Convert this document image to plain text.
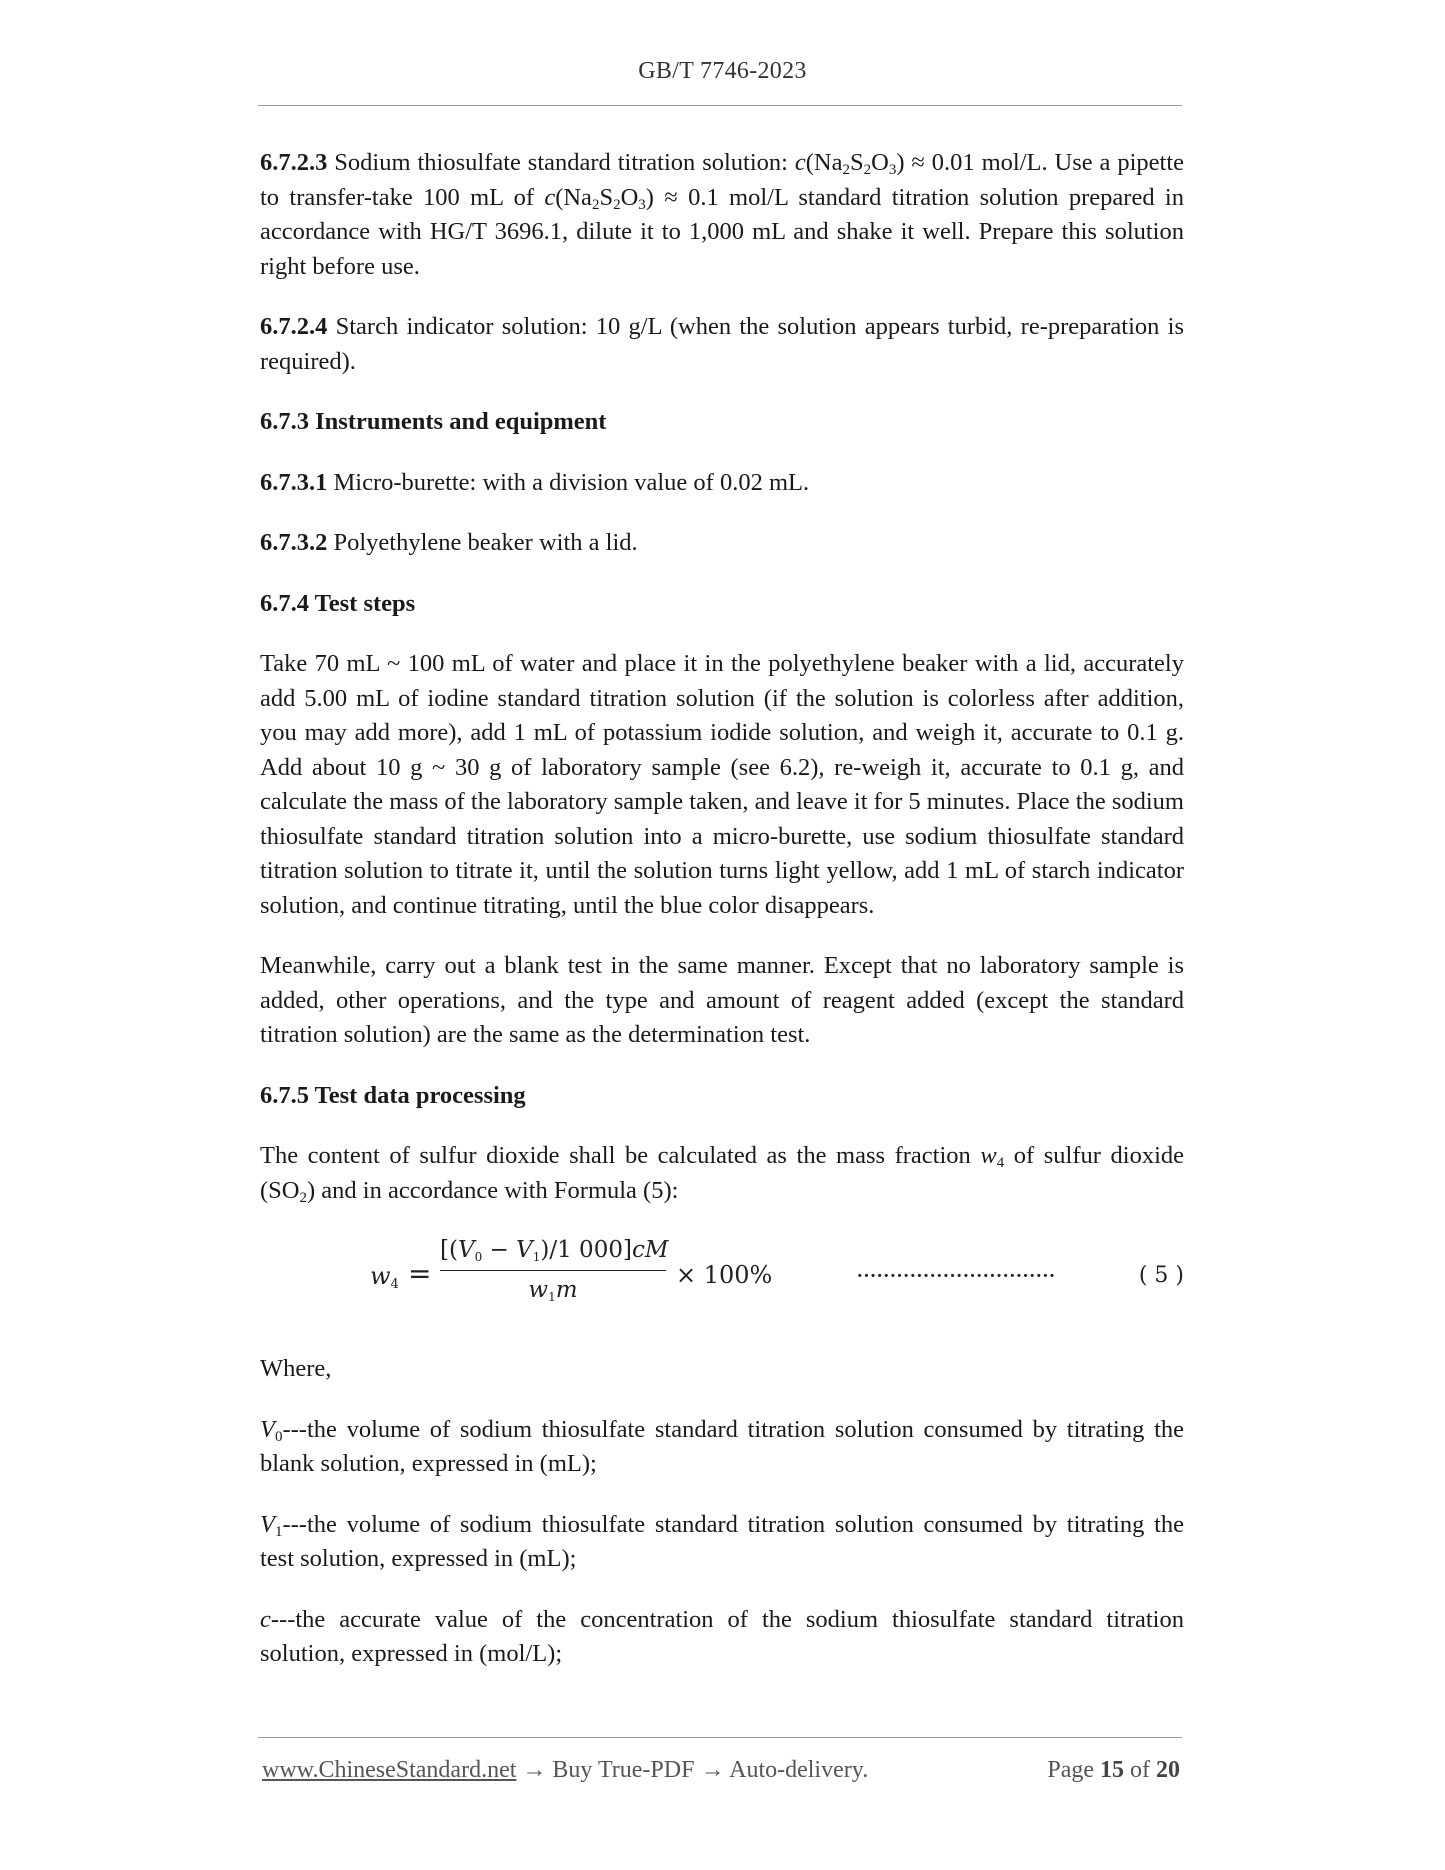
GB/T 7746-2023

6.7.2.3 Sodium thiosulfate standard titration solution: $c(Na_2S_2O_3) \approx 0.01$ mol/L. Use a pipette to transfer-take 100 mL of $c(Na_2S_2O_3) \approx 0.1$ mol/L standard titration solution prepared in accordance with HG/T 3696.1, dilute it to 1,000 mL and shake it well. Prepare this solution right before use.

6.7.2.4 Starch indicator solution: 10 g/L (when the solution appears turbid, re-preparation is required).

6.7.3 Instruments and equipment

6.7.3.1 Micro-burette: with a division value of 0.02 mL.

6.7.3.2 Polyethylene beaker with a lid.

6.7.4 Test steps

Take 70 mL ~ 100 mL of water and place it in the polyethylene beaker with a lid, accurately add 5.00 mL of iodine standard titration solution (if the solution is colorless after addition, you may add more), add 1 mL of potassium iodide solution, and weigh it, accurate to 0.1 g. Add about 10 g ~ 30 g of laboratory sample (see 6.2), re-weigh it, accurate to 0.1 g, and calculate the mass of the laboratory sample taken, and leave it for 5 minutes. Place the sodium thiosulfate standard titration solution into a micro-burette, use sodium thiosulfate standard titration solution to titrate it, until the solution turns light yellow, add 1 mL of starch indicator solution, and continue titrating, until the blue color disappears.

Meanwhile, carry out a blank test in the same manner. Except that no laboratory sample is added, other operations, and the type and amount of reagent added (except the standard titration solution) are the same as the determination test.

6.7.5 Test data processing

The content of sulfur dioxide shall be calculated as the mass fraction $w_4$ of sulfur dioxide $(SO_2)$ and in accordance with Formula (5):

$w_4$ =
[$(V_0 - V_1)/1$ 000]cM
$w_1m$
× 100%	······························	( 5 )

Where,

$V_0--$-the volume of sodium thiosulfate standard titration solution consumed by titrating the blank solution, expressed in (mL);

$V_1--$-the volume of sodium thiosulfate standard titration solution consumed by titrating the test solution, expressed in (mL);

c---the accurate value of the concentration of the sodium thiosulfate standard titration solution, expressed in (mol/L);

www.ChineseStandard.net → Buy True-PDF → Auto-delivery.	Page 15 of 20
